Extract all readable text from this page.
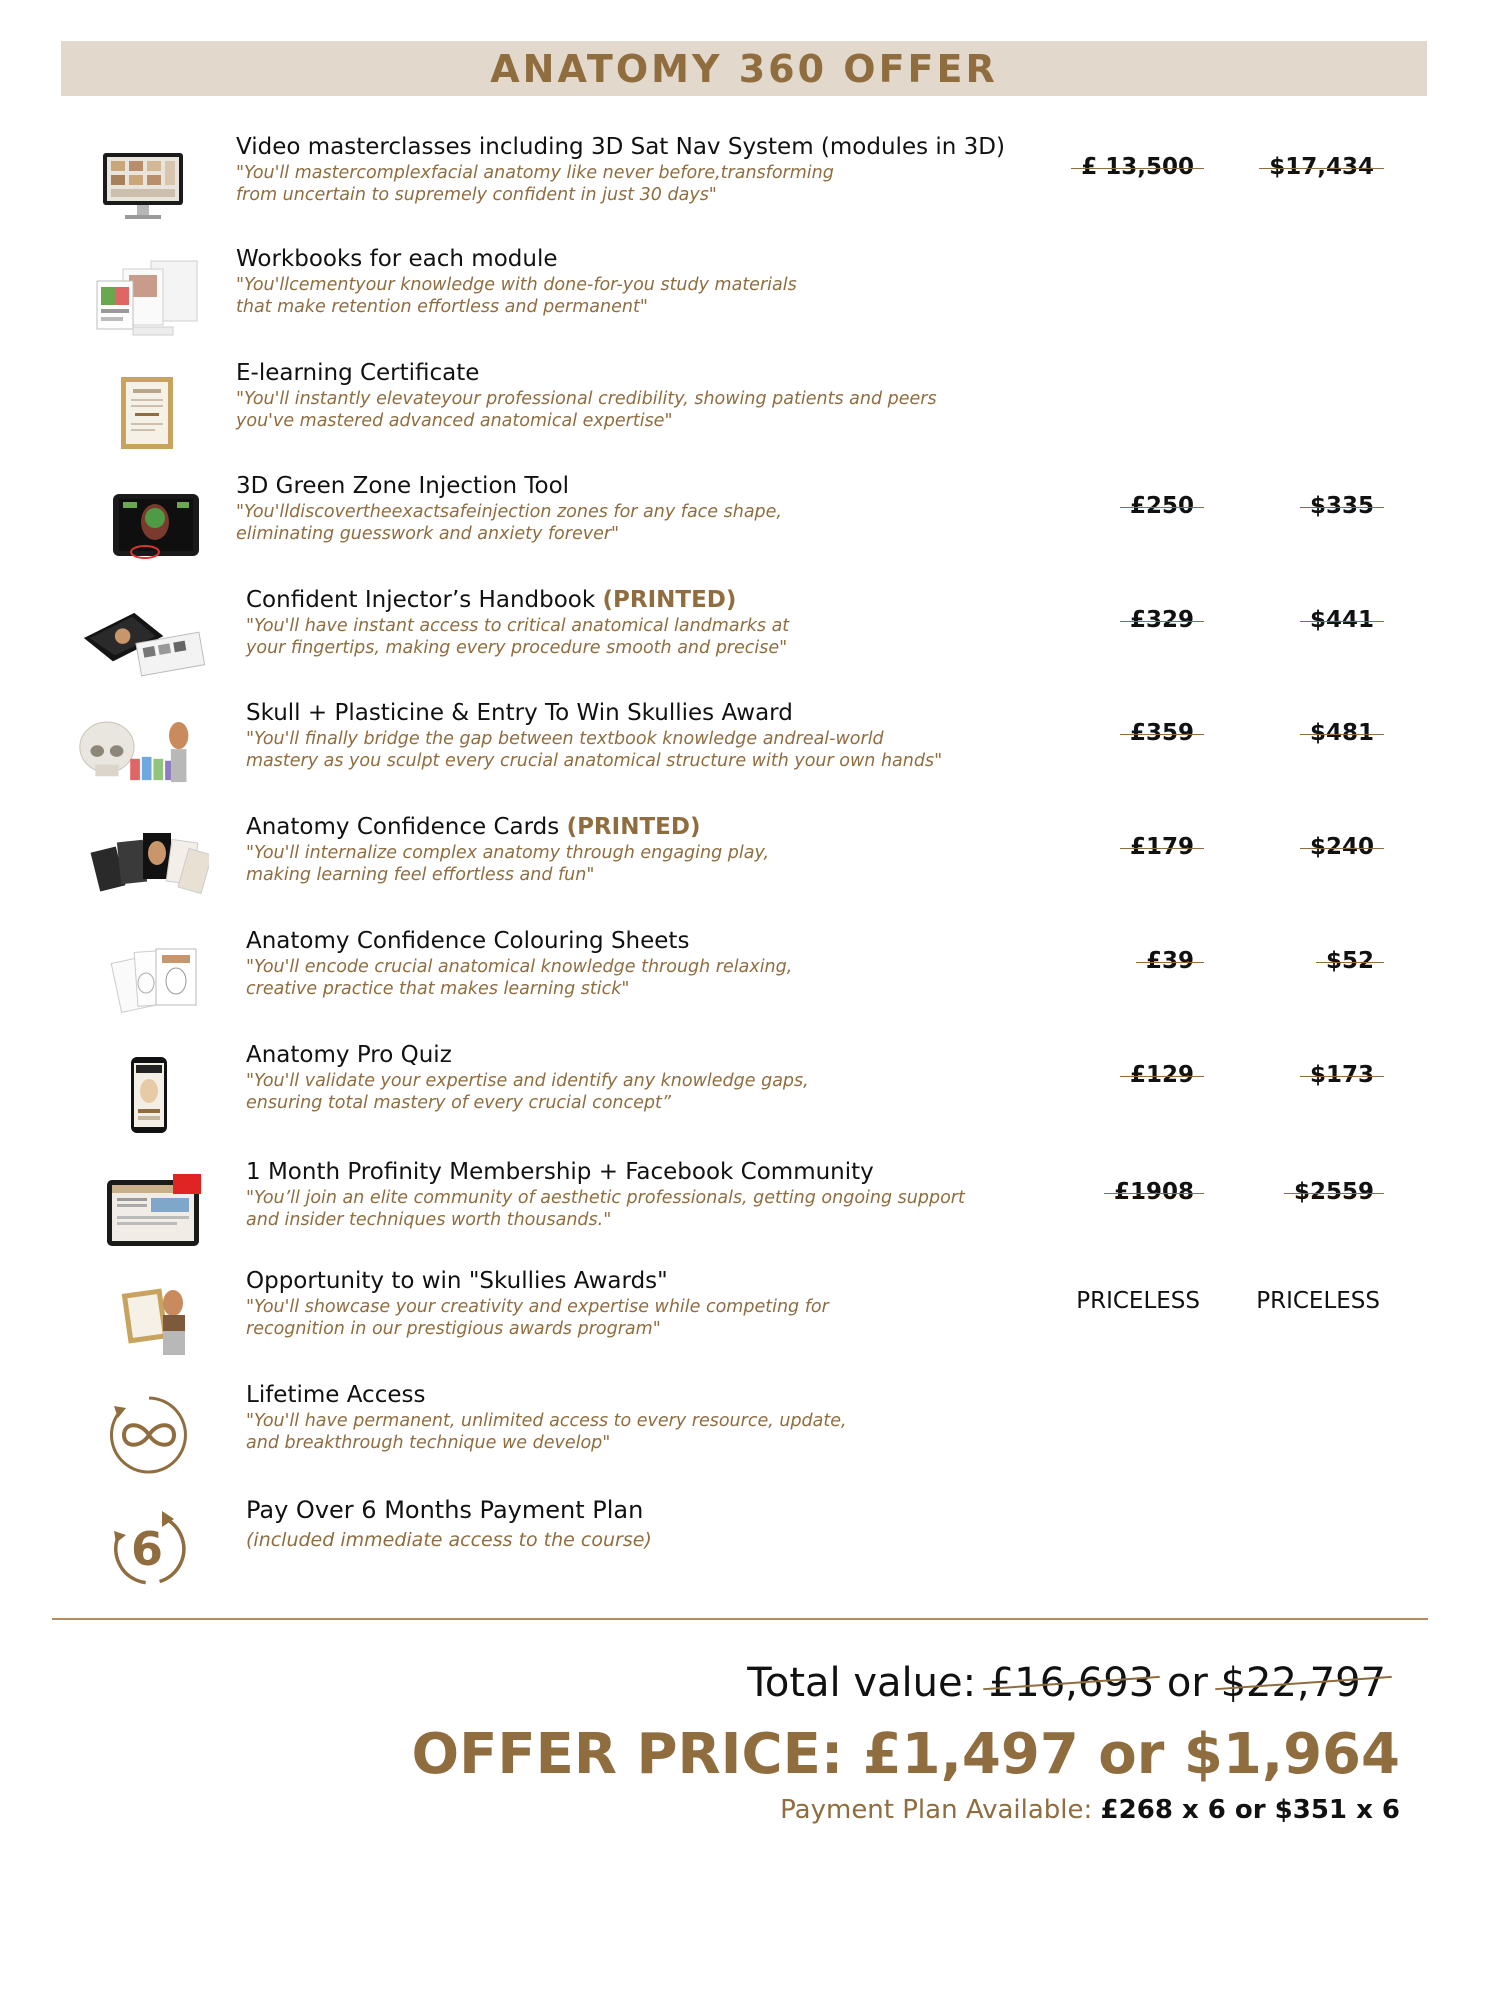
ANATOMY 360 OFFER
Video masterclasses including 3D Sat Nav System (modules in 3D)
"You'll mastercomplexfacial anatomy like never before,transforming
from uncertain to supremely confident in just 30 days"
£ 13,500	$17,434
Workbooks for each module
"You'llcementyour knowledge with done-for-you study materials
that make retention effortless and permanent"
E-learning Certificate
"You'll instantly elevateyour professional credibility, showing patients and peers
you've mastered advanced anatomical expertise"
3D Green Zone Injection Tool
"You'lldiscovertheexactsafeinjection zones for any face shape,
eliminating guesswork and anxiety forever"
£250	$335
Confident Injector’s Handbook (PRINTED)
"You'll have instant access to critical anatomical landmarks at
your fingertips, making every procedure smooth and precise"
£329	$441
Skull + Plasticine & Entry To Win Skullies Award
"You'll finally bridge the gap between textbook knowledge andreal-world
mastery as you sculpt every crucial anatomical structure with your own hands"
£359	$481
Anatomy Confidence Cards (PRINTED)
"You'll internalize complex anatomy through engaging play,
making learning feel effortless and fun"
£179	$240
Anatomy Confidence Colouring Sheets
"You'll encode crucial anatomical knowledge through relaxing,
creative practice that makes learning stick"
£39	$52
Anatomy Pro Quiz
"You'll validate your expertise and identify any knowledge gaps,
ensuring total mastery of every crucial concept”
£129	$173
1 Month Profinity Membership + Facebook Community
"You’ll join an elite community of aesthetic professionals, getting ongoing support
and insider techniques worth thousands."
£1908	$2559
Opportunity to win "Skullies Awards"
"You'll showcase your creativity and expertise while competing for
recognition in our prestigious awards program"
PRICELESS	PRICELESS
Lifetime Access
"You'll have permanent, unlimited access to every resource, update,
and breakthrough technique we develop"
6
Pay Over 6 Months Payment Plan
(included immediate access to the course)
Total value: £16,693 or $22,797
OFFER PRICE: £1,497 or $1,964
Payment Plan Available: £268 x 6 or $351 x 6
